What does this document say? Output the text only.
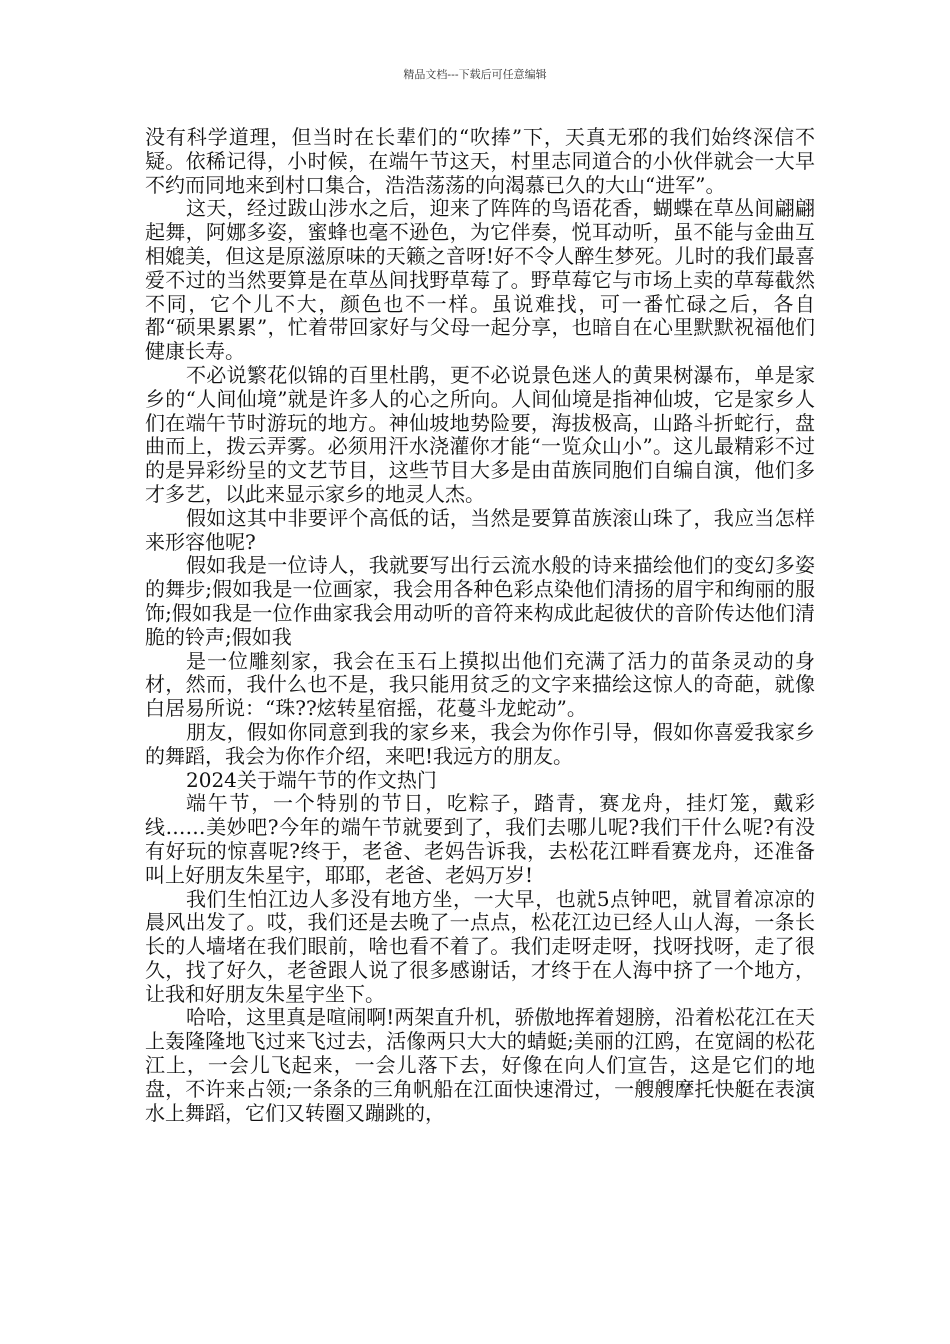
精品文档---下载后可任意编辑

没有科学道理，但当时在长辈们的“吹捧”下，天真无邪的我们始终深信不疑。依稀记得，小时候，在端午节这天，村里志同道合的小伙伴就会一大早不约而同地来到村口集合，浩浩荡荡的向渴慕已久的大山“进军”。

这天，经过跋山涉水之后，迎来了阵阵的鸟语花香，蝴蝶在草丛间翩翩起舞，阿娜多姿，蜜蜂也毫不逊色，为它伴奏，悦耳动听，虽不能与金曲互相媲美，但这是原滋原味的天籁之音呀!好不令人醉生梦死。儿时的我们最喜爱不过的当然要算是在草丛间找野草莓了。野草莓它与市场上卖的草莓截然不同，它个儿不大，颜色也不一样。虽说难找，可一番忙碌之后，各自都“硕果累累”，忙着带回家好与父母一起分享，也暗自在心里默默祝福他们健康长寿。

不必说繁花似锦的百里杜鹃，更不必说景色迷人的黄果树瀑布，单是家乡的“人间仙境”就是许多人的心之所向。人间仙境是指神仙坡，它是家乡人们在端午节时游玩的地方。神仙坡地势险要，海拔极高，山路斗折蛇行，盘曲而上，拨云弄雾。必须用汗水浇灌你才能“一览众山小”。这儿最精彩不过的是异彩纷呈的文艺节目，这些节目大多是由苗族同胞们自编自演，他们多才多艺，以此来显示家乡的地灵人杰。

假如这其中非要评个高低的话，当然是要算苗族滚山珠了，我应当怎样来形容他呢?

假如我是一位诗人，我就要写出行云流水般的诗来描绘他们的变幻多姿的舞步;假如我是一位画家，我会用各种色彩点染他们清扬的眉宇和绚丽的服饰;假如我是一位作曲家我会用动听的音符来构成此起彼伏的音阶传达他们清脆的铃声;假如我

是一位雕刻家，我会在玉石上摸拟出他们充满了活力的苗条灵动的身材，然而，我什么也不是，我只能用贫乏的文字来描绘这惊人的奇葩，就像白居易所说：“珠??炫转星宿摇，花蔓斗龙蛇动”。

朋友，假如你同意到我的家乡来，我会为你作引导，假如你喜爱我家乡的舞蹈，我会为你作介绍，来吧!我远方的朋友。

2024关于端午节的作文热门

端午节，一个特别的节日，吃粽子，踏青，赛龙舟，挂灯笼，戴彩线……美妙吧?今年的端午节就要到了，我们去哪儿呢?我们干什么呢?有没有好玩的惊喜呢?终于，老爸、老妈告诉我，去松花江畔看赛龙舟，还准备叫上好朋友朱星宇，耶耶，老爸、老妈万岁!

我们生怕江边人多没有地方坐，一大早，也就5点钟吧，就冒着凉凉的晨风出发了。哎，我们还是去晚了一点点，松花江边已经人山人海，一条长长的人墙堵在我们眼前，啥也看不着了。我们走呀走呀，找呀找呀，走了很久，找了好久，老爸跟人说了很多感谢话，才终于在人海中挤了一个地方，让我和好朋友朱星宇坐下。

哈哈，这里真是喧闹啊!两架直升机，骄傲地挥着翅膀，沿着松花江在天上轰隆隆地飞过来飞过去，活像两只大大的蜻蜓;美丽的江鸥，在宽阔的松花江上，一会儿飞起来，一会儿落下去，好像在向人们宣告，这是它们的地盘，不许来占领;一条条的三角帆船在江面快速滑过，一艘艘摩托快艇在表演水上舞蹈，它们又转圈又蹦跳的，
